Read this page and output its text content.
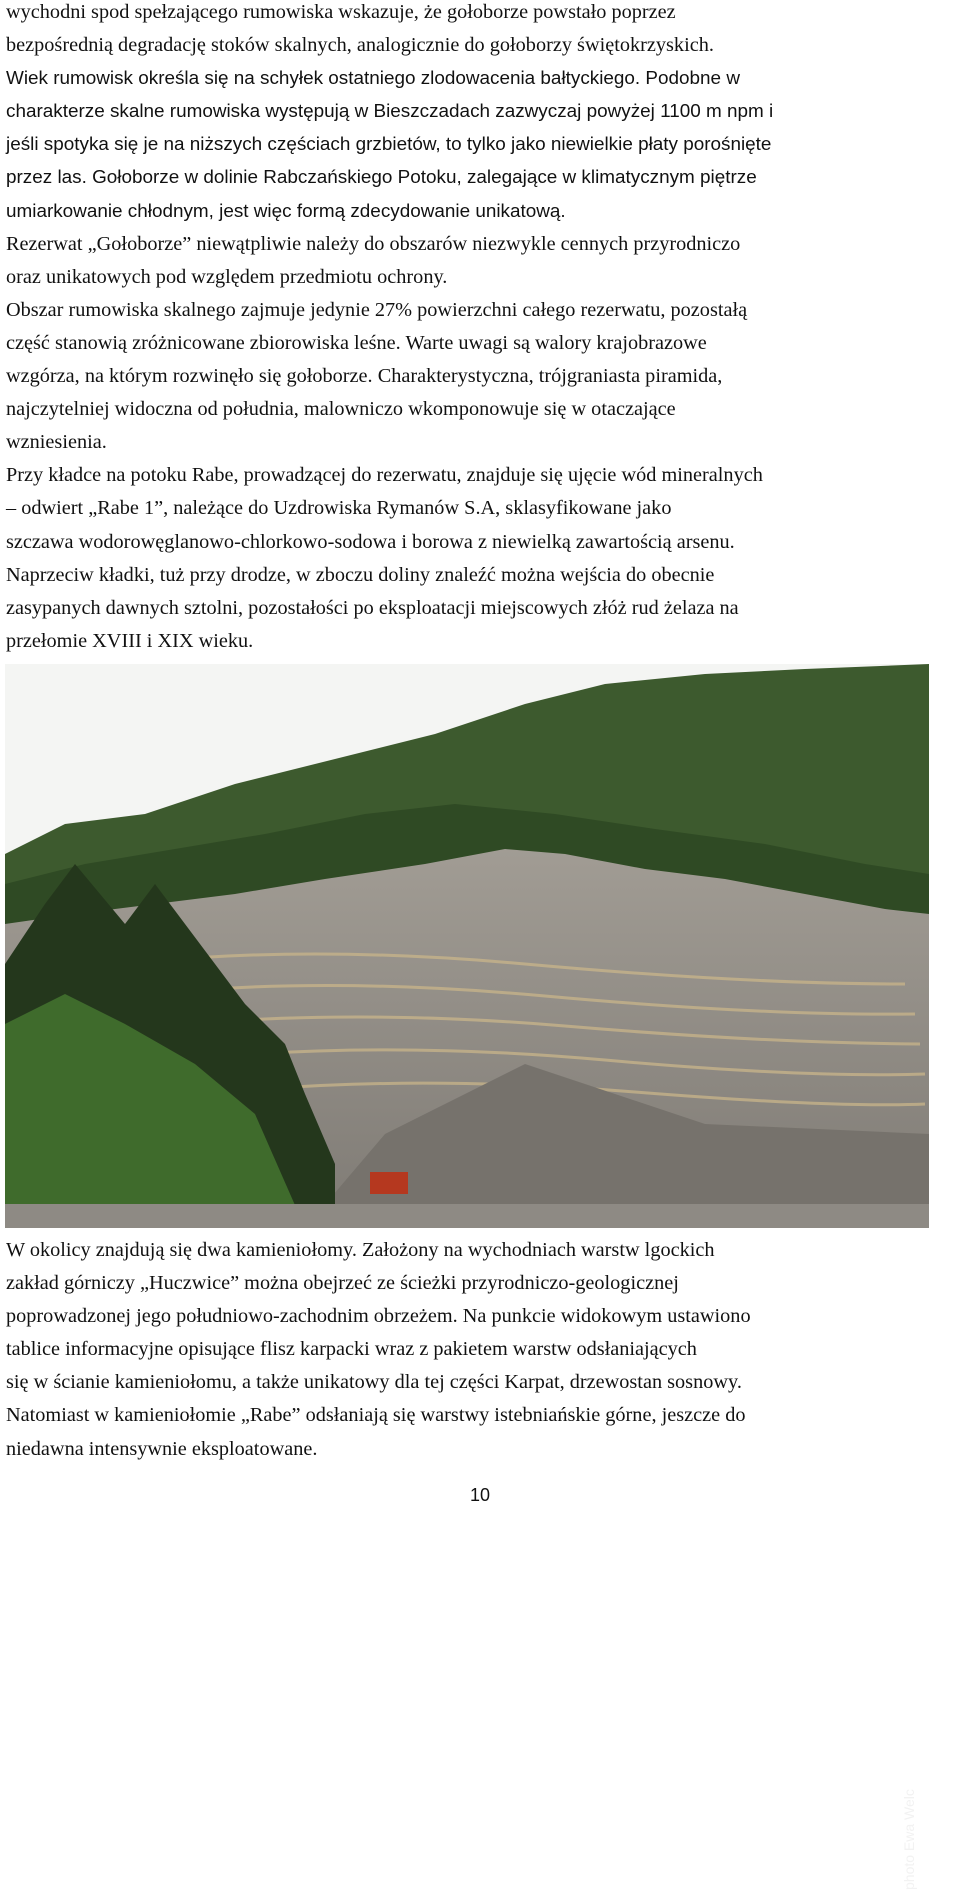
wychodni spod spełzającego rumowiska wskazuje, że gołoborze powstało poprzez
bezpośrednią degradację stoków skalnych, analogicznie do gołoborzy świętokrzyskich.
Wiek rumowisk określa się na schyłek ostatniego zlodowacenia bałtyckiego. Podobne w
charakterze skalne rumowiska występują w Bieszczadach zazwyczaj powyżej 1100 m npm i
jeśli spotyka się je na niższych częściach grzbietów, to tylko jako niewielkie płaty porośnięte
przez las. Gołoborze w dolinie Rabczańskiego Potoku, zalegające w klimatycznym piętrze
umiarkowanie chłodnym, jest więc formą zdecydowanie unikatową.
Rezerwat „Gołoborze” niewątpliwie należy do obszarów niezwykle cennych przyrodniczo
oraz unikatowych pod względem przedmiotu ochrony.
Obszar rumowiska skalnego zajmuje jedynie 27% powierzchni całego rezerwatu, pozostałą
część stanowią zróżnicowane zbiorowiska leśne. Warte uwagi są walory krajobrazowe
wzgórza, na którym rozwinęło się gołoborze. Charakterystyczna, trójgraniasta piramida,
najczytelniej widoczna od południa, malowniczo wkomponowuje się w otaczające
wzniesienia.
Przy kładce na potoku Rabe, prowadzącej do rezerwatu, znajduje się ujęcie wód mineralnych
– odwiert „Rabe 1”, należące do Uzdrowiska Rymanów S.A, sklasyfikowane jako
szczawa wodorowęglanowo-chlorkowo-sodowa i borowa z niewielką zawartością arsenu.
Naprzeciw kładki, tuż przy drodze, w zboczu doliny znaleźć można wejścia do obecnie
zasypanych dawnych sztolni, pozostałości po eksploatacji miejscowych złóż rud żelaza na
przełomie XVIII i XIX wieku.
photo Ewa Welc
W okolicy znajdują się dwa kamieniołomy. Założony na wychodniach warstw lgockich
zakład górniczy „Huczwice” można obejrzeć ze ścieżki przyrodniczo-geologicznej
poprowadzonej jego południowo-zachodnim obrzeżem. Na punkcie widokowym ustawiono
tablice informacyjne opisujące flisz karpacki wraz z pakietem warstw odsłaniających
się w ścianie kamieniołomu, a także unikatowy dla tej części Karpat, drzewostan sosnowy.
Natomiast w kamieniołomie „Rabe” odsłaniają się warstwy istebniańskie górne, jeszcze do
niedawna intensywnie eksploatowane.
10
